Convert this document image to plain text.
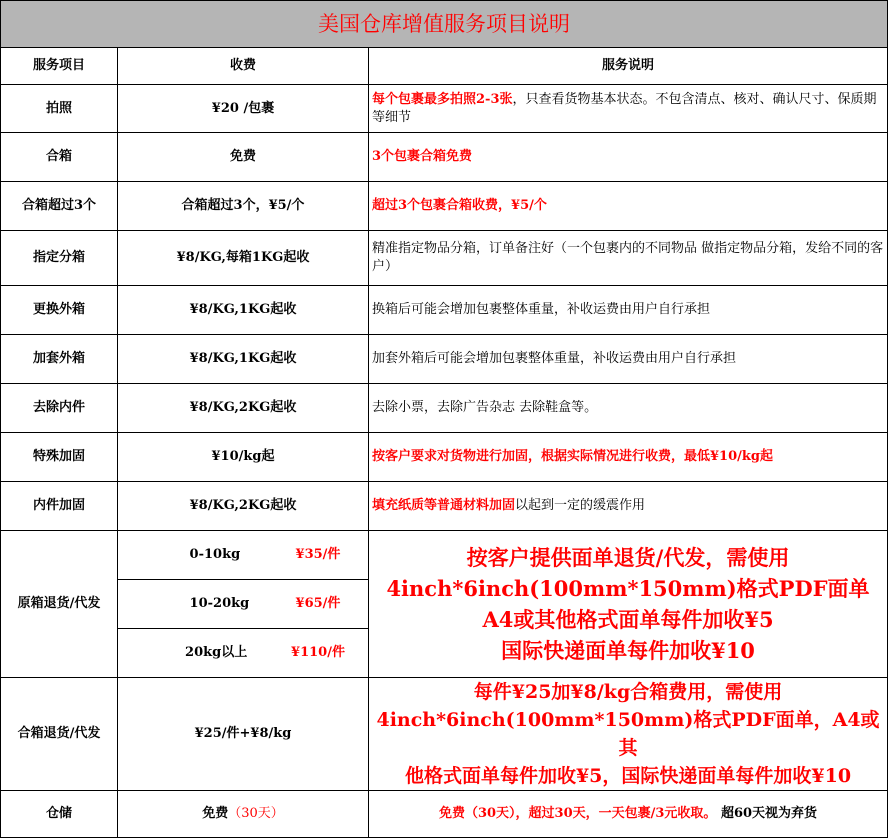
美国仓库增值服务项目说明		
服务项目	收费	服务说明
拍照	¥20 /包裹	每个包裹最多拍照2-3张，只查看货物基本状态。不包含清点、核对、确认尺寸、保质期等细节
合箱	免费	3个包裹合箱免费
合箱超过3个	合箱超过3个，¥5/个	超过3个包裹合箱收费，¥5/个
指定分箱	¥8/KG,每箱1KG起收	精准指定物品分箱，订单备注好（一个包裹内的不同物品 做指定物品分箱，发给不同的客户）
更换外箱	¥8/KG,1KG起收	换箱后可能会增加包裹整体重量，补收运费由用户自行承担
加套外箱	¥8/KG,1KG起收	加套外箱后可能会增加包裹整体重量，补收运费由用户自行承担
去除内件	¥8/KG,2KG起收	去除小票，去除广告杂志 去除鞋盒等。
特殊加固	¥10/kg起	按客户要求对货物进行加固，根据实际情况进行收费，最低¥10/kg起
内件加固	¥8/KG,2KG起收	填充纸质等普通材料加固以起到一定的缓震作用
原箱退货/代发	0-10kg ¥35/件	按客户提供面单退货/代发，需使用
4inch*6inch(100mm*150mm)格式PDF面单
A4或其他格式面单每件加收¥5
国际快递面单每件加收¥10

	10-20kg ¥65/件	
	20kg以上 ¥110/件	
合箱退货/代发	¥25/件+¥8/kg	每件¥25加¥8/kg合箱费用，需使用
4inch*6inch(100mm*150mm)格式PDF面单，A4或其
他格式面单每件加收¥5，国际快递面单每件加收¥10

仓储	免费（30天）	免费（30天），超过30天，一天包裹/3元收取。 超60天视为弃货
